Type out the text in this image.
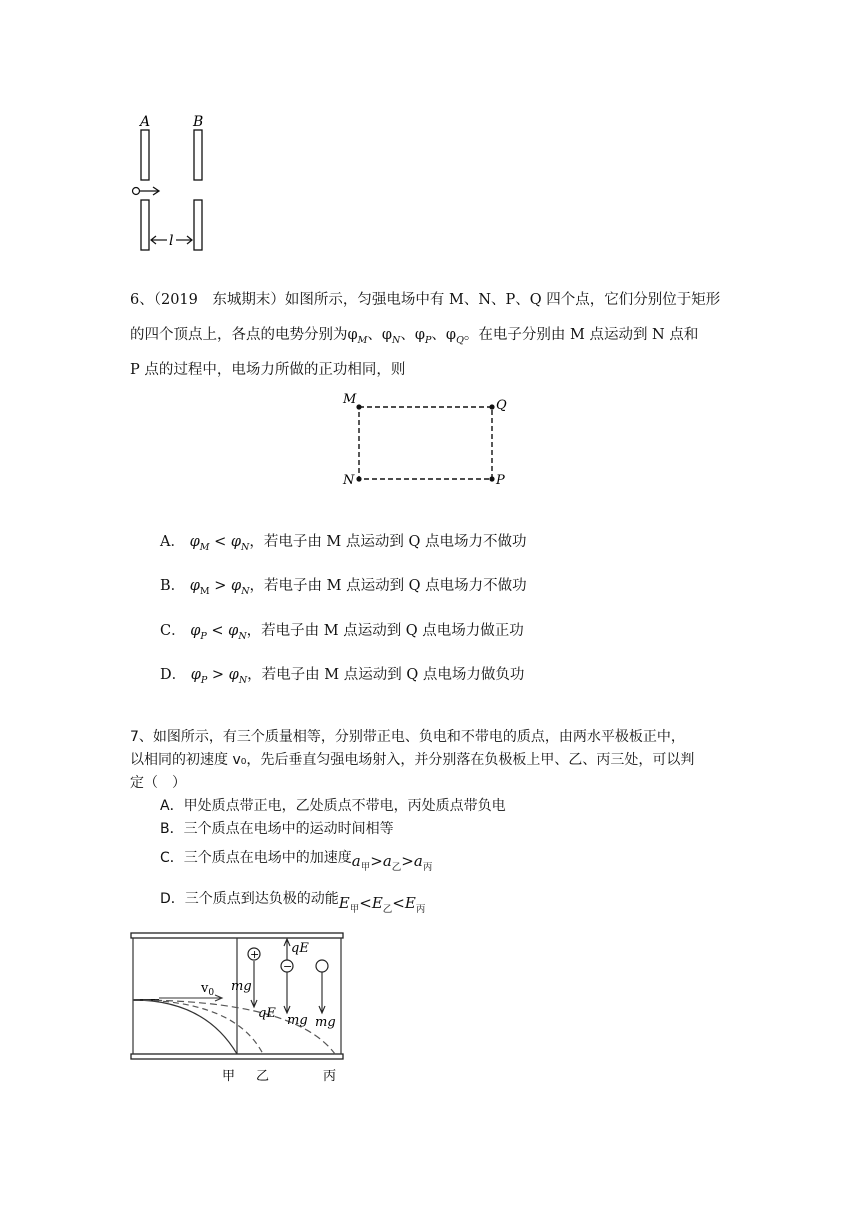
A	B
l
6、（2019　东城期末）如图所示，匀强电场中有 M、N、P、Q 四个点，它们分别位于矩形
的四个顶点上，各点的电势分别为$\varphi_M$、$\varphi_N$、$\varphi_P$、$\varphi_Q$。在电子分别由 M 点运动到 N 点和
P 点的过程中，电场力所做的正功相同，则
M	Q
N	P
A． $\varphi_M < \varphi_N$，若电子由 M 点运动到 Q 点电场力不做功
B． $\varphi_M > \varphi_N$，若电子由 M 点运动到 Q 点电场力不做功
C． $\varphi_P < \varphi_N$，若电子由 M 点运动到 Q 点电场力做正功
D． $\varphi_P > \varphi_N$，若电子由 M 点运动到 Q 点电场力做负功
7、如图所示，有三个质量相等，分别带正电、负电和不带电的质点，由两水平极板正中，
以相同的初速度 v₀，先后垂直匀强电场射入，并分别落在负极板上甲、乙、丙三处，可以判
定（　）
A．甲处质点带正电，乙处质点不带电，丙处质点带负电
B．三个质点在电场中的运动时间相等
C．三个质点在电场中的加速度$a_甲>a_乙>a_丙$
D．三个质点到达负极的动能$E_甲<E_乙<E_丙$
$v_0$
+
mg
qE
−
qE
mg mg
甲 乙	丙
